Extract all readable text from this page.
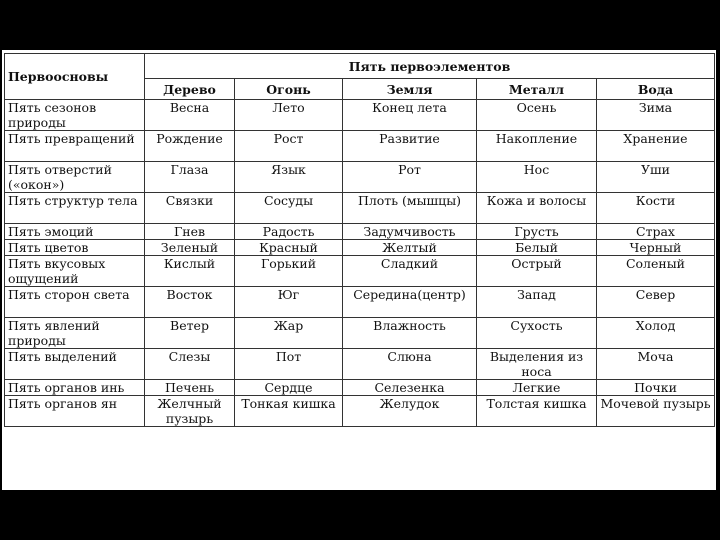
Первоосновы	Пять первоэлементов				
	Дерево	Огонь	Земля	Металл	Вода
Пять сезонов природы	Весна	Лето	Конец лета	Осень	Зима
Пять превращений	Рождение	Рост	Развитие	Накопление	Хранение
Пять отверстий («окон»)	Глаза	Язык	Рот	Нос	Уши
Пять структур тела	Связки	Сосуды	Плоть (мышцы)	Кожа и волосы	Кости
Пять эмоций	Гнев	Радость	Задумчивость	Грусть	Страх
Пять цветов	Зеленый	Красный	Желтый	Белый	Черный
Пять вкусовых ощущений	Кислый	Горький	Сладкий	Острый	Соленый
Пять сторон света	Восток	Юг	Середина(центр)	Запад	Север
Пять явлений природы	Ветер	Жар	Влажность	Сухость	Холод
Пять выделений	Слезы	Пот	Слюна	Выделения из носа	Моча
Пять органов инь	Печень	Сердце	Селезенка	Легкие	Почки
Пять органов ян	Желчный пузырь	Тонкая кишка	Желудок	Толстая кишка	Мочевой пузырь
